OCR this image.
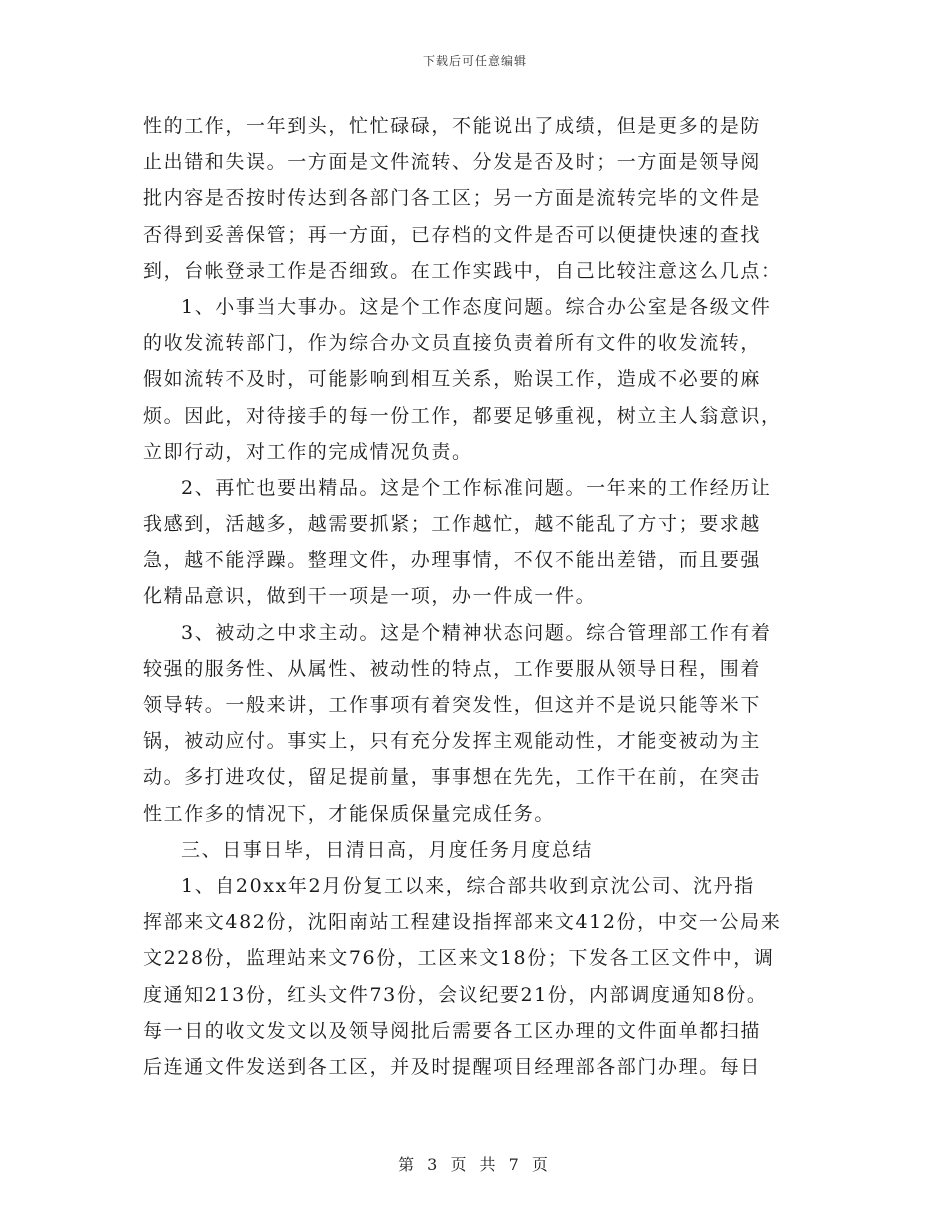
下载后可任意编辑
性的工作，一年到头，忙忙碌碌，不能说出了成绩，但是更多的是防
止出错和失误。一方面是文件流转、分发是否及时；一方面是领导阅
批内容是否按时传达到各部门各工区；另一方面是流转完毕的文件是
否得到妥善保管；再一方面，已存档的文件是否可以便捷快速的查找
到，台帐登录工作是否细致。在工作实践中，自己比较注意这么几点：
1、小事当大事办。这是个工作态度问题。综合办公室是各级文件
的收发流转部门，作为综合办文员直接负责着所有文件的收发流转，
假如流转不及时，可能影响到相互关系，贻误工作，造成不必要的麻
烦。因此，对待接手的每一份工作，都要足够重视，树立主人翁意识，
立即行动，对工作的完成情况负责。
2、再忙也要出精品。这是个工作标准问题。一年来的工作经历让
我感到，活越多，越需要抓紧；工作越忙，越不能乱了方寸；要求越
急，越不能浮躁。整理文件，办理事情，不仅不能出差错，而且要强
化精品意识，做到干一项是一项，办一件成一件。
3、被动之中求主动。这是个精神状态问题。综合管理部工作有着
较强的服务性、从属性、被动性的特点，工作要服从领导日程，围着
领导转。一般来讲，工作事项有着突发性，但这并不是说只能等米下
锅，被动应付。事实上，只有充分发挥主观能动性，才能变被动为主
动。多打进攻仗，留足提前量，事事想在先先，工作干在前，在突击
性工作多的情况下，才能保质保量完成任务。
三、日事日毕，日清日高，月度任务月度总结
1、自20xx年2月份复工以来，综合部共收到京沈公司、沈丹指
挥部来文482份，沈阳南站工程建设指挥部来文412份，中交一公局来
文228份，监理站来文76份，工区来文18份；下发各工区文件中，调
度通知213份，红头文件73份，会议纪要21份，内部调度通知8份。
每一日的收文发文以及领导阅批后需要各工区办理的文件面单都扫描
后连通文件发送到各工区，并及时提醒项目经理部各部门办理。每日
第 3 页 共 7 页
